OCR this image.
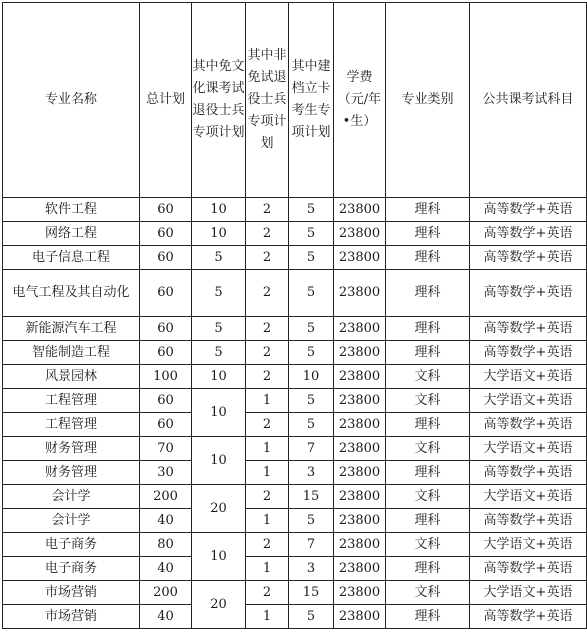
专业名称	总计划	其中免文化课考试退役士兵专项计划	其中非免试退役士兵专项计划	其中建档立卡考生专项计划	学费（元/年•生）	专业类别	公共课考试科目
软件工程	60	10	2	5	23800	理科	高等数学+英语
网络工程	60	10	2	5	23800	理科	高等数学+英语
电子信息工程	60	5	2	5	23800	理科	高等数学+英语
电气工程及其自动化	60	5	2	5	23800	理科	高等数学+英语
新能源汽车工程	60	5	2	5	23800	理科	高等数学+英语
智能制造工程	60	5	2	5	23800	理科	高等数学+英语
风景园林	100	10	2	10	23800	文科	大学语文+英语
工程管理	60	10	1	5	23800	文科	大学语文+英语
工程管理	60		2	5	23800	理科	高等数学+英语
财务管理	70	10	1	7	23800	文科	大学语文+英语
财务管理	30		1	3	23800	理科	高等数学+英语
会计学	200	20	2	15	23800	文科	大学语文+英语
会计学	40		1	5	23800	理科	高等数学+英语
电子商务	80	10	2	7	23800	文科	大学语文+英语
电子商务	40		1	3	23800	理科	高等数学+英语
市场营销	200	20	2	15	23800	文科	大学语文+英语
市场营销	40		1	5	23800	理科	高等数学+英语
